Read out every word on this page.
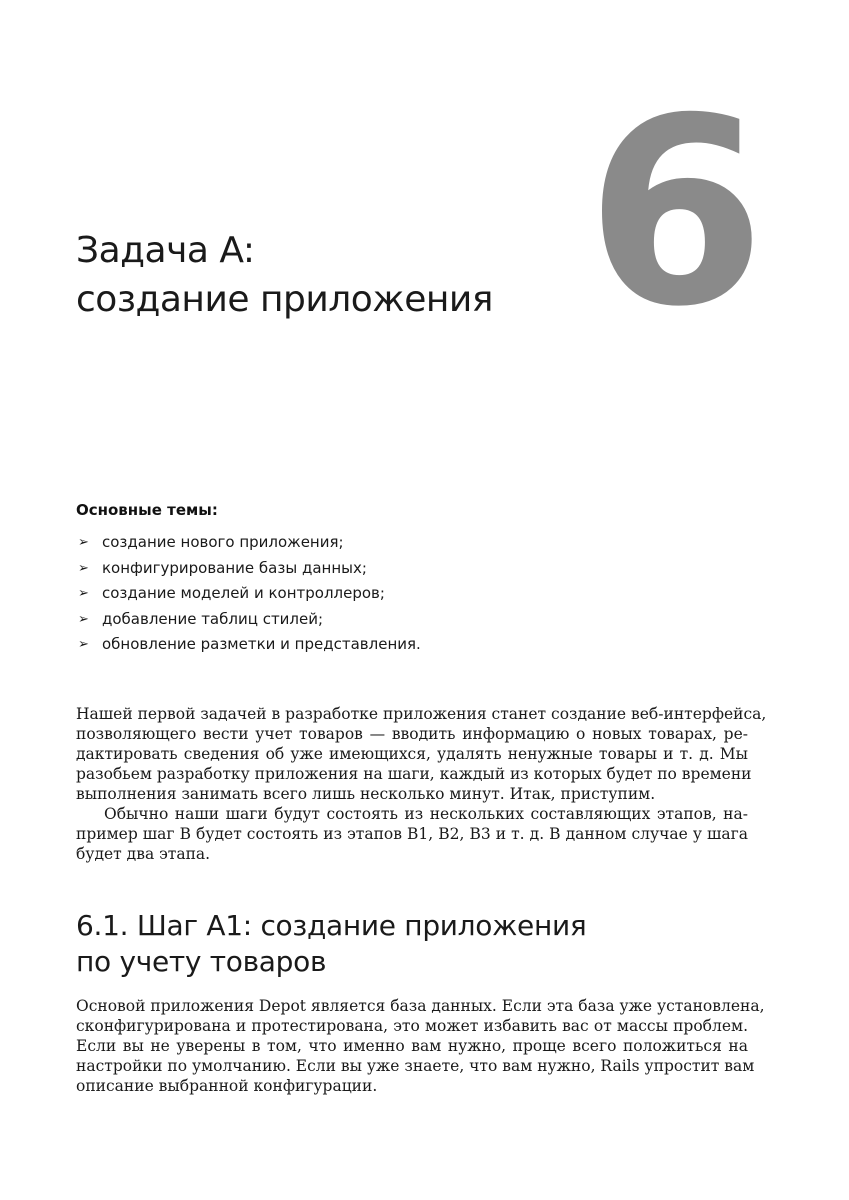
6
Задача A:
создание приложения

Основные темы:

➢ создание нового приложения;
➢ конфигурирование базы данных;
➢ создание моделей и контроллеров;
➢ добавление таблиц стилей;
➢ обновление разметки и представления.

Нашей первой задачей в разработке приложения станет создание веб-интерфейса,
позволяющего вести учет товаров — вводить информацию о новых товарах, ре-
дактировать сведения об уже имеющихся, удалять ненужные товары и т. д. Мы
разобьем разработку приложения на шаги, каждый из которых будет по времени
выполнения занимать всего лишь несколько минут. Итак, приступим.

Обычно наши шаги будут состоять из нескольких составляющих этапов, на-
пример шаг B будет состоять из этапов B1, B2, B3 и т. д. В данном случае у шага
будет два этапа.

6.1. Шаг A1: создание приложения
по учету товаров

Основой приложения Depot является база данных. Если эта база уже установлена,
сконфигурирована и протестирована, это может избавить вас от массы проблем.
Если вы не уверены в том, что именно вам нужно, проще всего положиться на
настройки по умолчанию. Если вы уже знаете, что вам нужно, Rails упростит вам
описание выбранной конфигурации.
